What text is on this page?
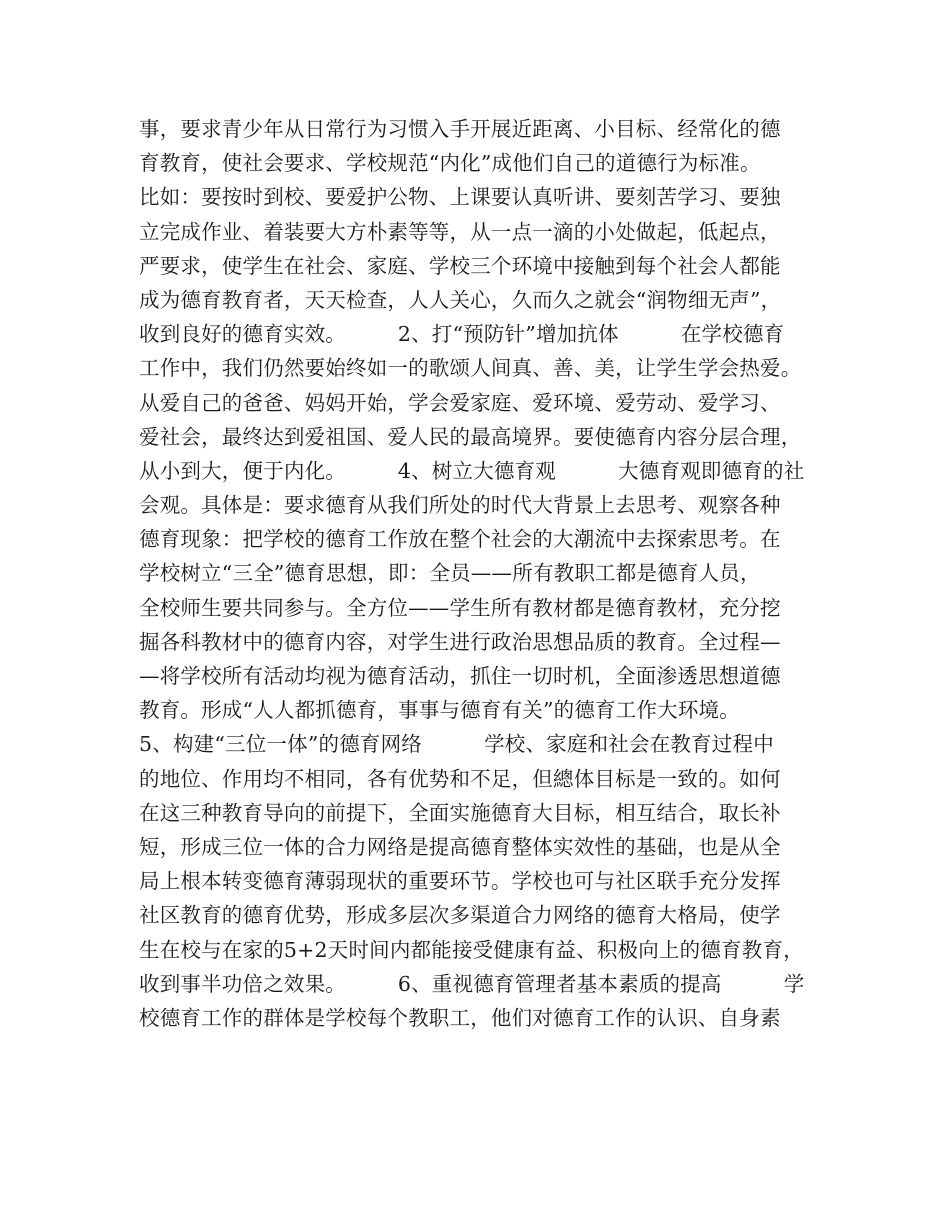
事，要求青少年从日常行为习惯入手开展近距离、小目标、经常化的德
育教育，使社会要求、学校规范“内化”成他们自己的道德行为标准。
比如：要按时到校、要爱护公物、上课要认真听讲、要刻苦学习、要独
立完成作业、着装要大方朴素等等，从一点一滴的小处做起，低起点，
严要求，使学生在社会、家庭、学校三个环境中接触到每个社会人都能
成为德育教育者，天天检查，人人关心，久而久之就会“润物细无声”，
收到良好的德育实效。　　　2、打“预防针”增加抗体　　　在学校德育
工作中，我们仍然要始终如一的歌颂人间真、善、美，让学生学会热爱。
从爱自己的爸爸、妈妈开始，学会爱家庭、爱环境、爱劳动、爱学习、
爱社会，最终达到爱祖国、爱人民的最高境界。要使德育内容分层合理，
从小到大，便于内化。　　　4、树立大德育观　　　大德育观即德育的社
会观。具体是：要求德育从我们所处的时代大背景上去思考、观察各种
德育现象：把学校的德育工作放在整个社会的大潮流中去探索思考。在
学校树立“三全”德育思想，即：全员——所有教职工都是德育人员，
全校师生要共同参与。全方位——学生所有教材都是德育教材，充分挖
掘各科教材中的德育内容，对学生进行政治思想品质的教育。全过程—
—将学校所有活动均视为德育活动，抓住一切时机，全面渗透思想道德
教育。形成“人人都抓德育，事事与德育有关”的德育工作大环境。
5、构建“三位一体”的德育网络　　　学校、家庭和社会在教育过程中
的地位、作用均不相同，各有优势和不足，但總体目标是一致的。如何
在这三种教育导向的前提下，全面实施德育大目标，相互结合，取长补
短，形成三位一体的合力网络是提高德育整体实效性的基础，也是从全
局上根本转变德育薄弱现状的重要环节。学校也可与社区联手充分发挥
社区教育的德育优势，形成多层次多渠道合力网络的德育大格局，使学
生在校与在家的5+2天时间内都能接受健康有益、积极向上的德育教育，
收到事半功倍之效果。　　　6、重视德育管理者基本素质的提高　　　学
校德育工作的群体是学校每个教职工，他们对德育工作的认识、自身素
